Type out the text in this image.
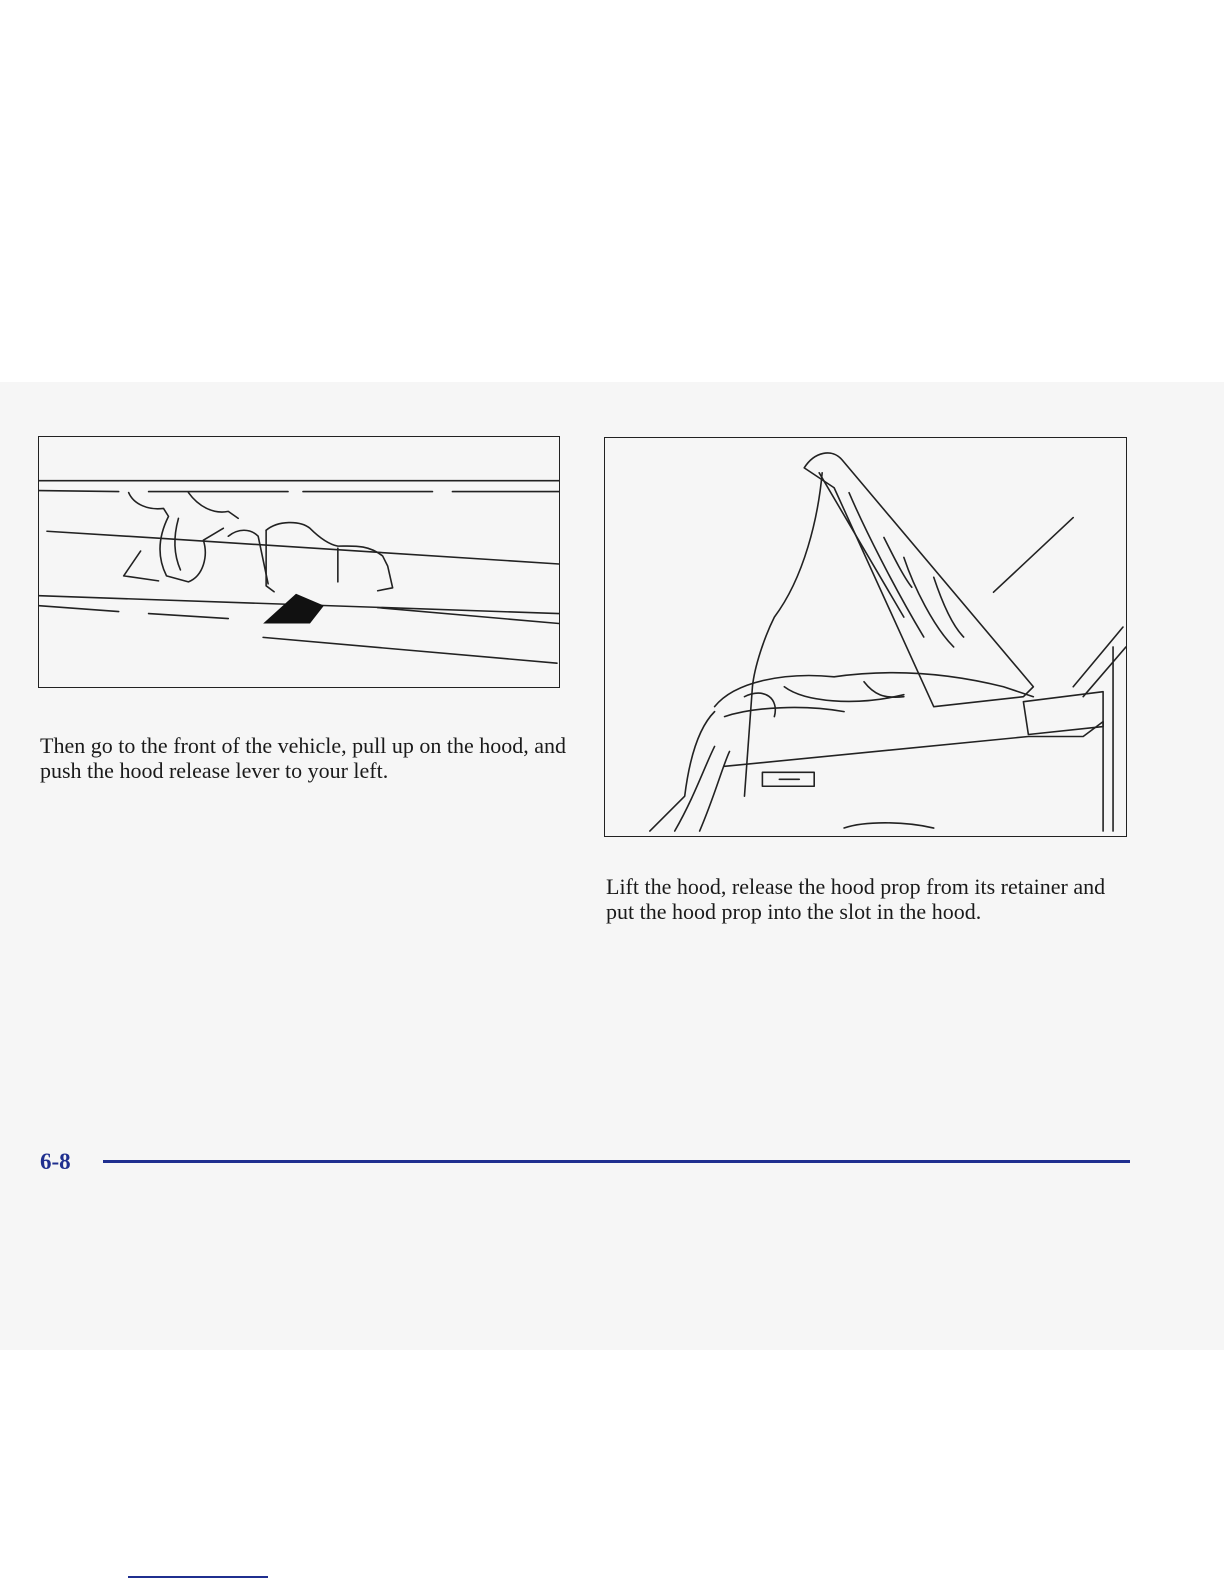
Then go to the front of the vehicle, pull up on the hood, and push the hood release lever to your left.

Lift the hood, release the hood prop from its retainer and put the hood prop into the slot in the hood.

6-8
